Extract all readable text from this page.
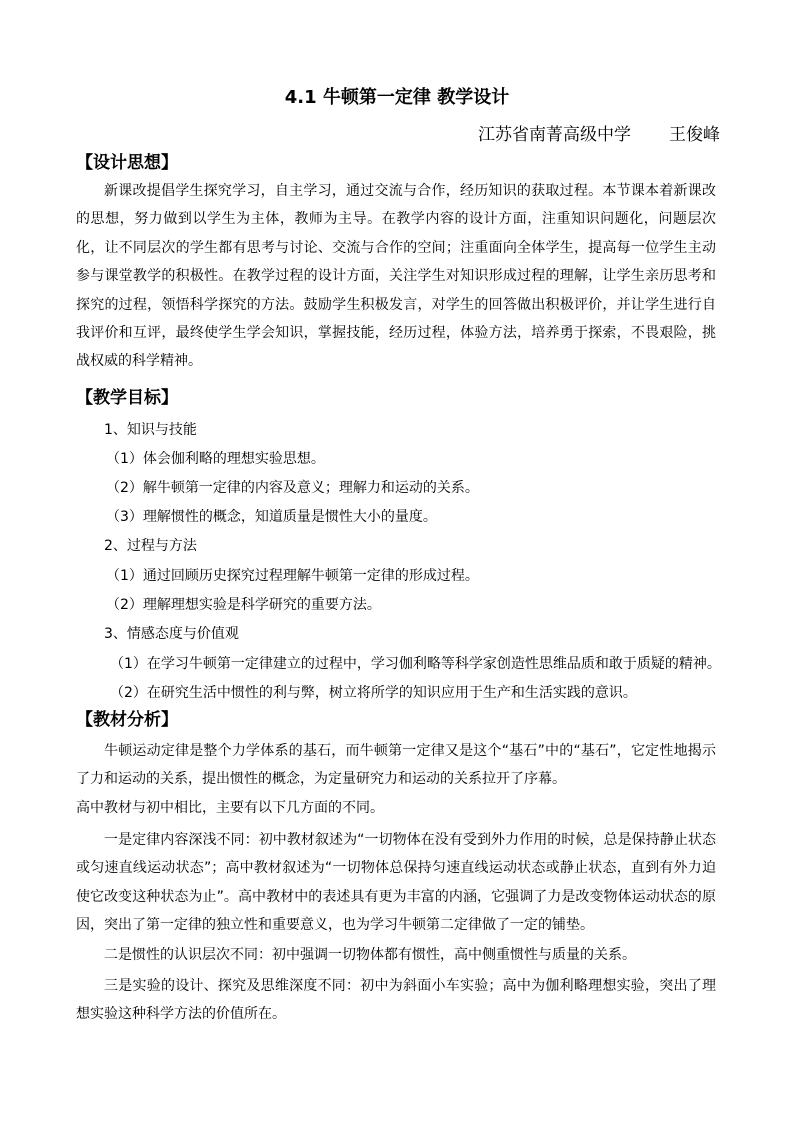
4.1 牛顿第一定律 教学设计
江苏省南菁高级中学 王俊峰
【设计思想】
新课改提倡学生探究学习，自主学习，通过交流与合作，经历知识的获取过程。本节课本着新课改的思想，努力做到以学生为主体，教师为主导。在教学内容的设计方面，注重知识问题化，问题层次化，让不同层次的学生都有思考与讨论、交流与合作的空间；注重面向全体学生，提高每一位学生主动参与课堂教学的积极性。在教学过程的设计方面，关注学生对知识形成过程的理解，让学生亲历思考和探究的过程，领悟科学探究的方法。鼓励学生积极发言，对学生的回答做出积极评价，并让学生进行自我评价和互评，最终使学生学会知识，掌握技能，经历过程，体验方法，培养勇于探索，不畏艰险，挑战权威的科学精神。
【教学目标】
1、知识与技能
（1）体会伽利略的理想实验思想。
（2）解牛顿第一定律的内容及意义；理解力和运动的关系。
（3）理解惯性的概念，知道质量是惯性大小的量度。
2、过程与方法
（1）通过回顾历史探究过程理解牛顿第一定律的形成过程。
（2）理解理想实验是科学研究的重要方法。
3、情感态度与价值观
（1）在学习牛顿第一定律建立的过程中，学习伽利略等科学家创造性思维品质和敢于质疑的精神。
（2）在研究生活中惯性的利与弊，树立将所学的知识应用于生产和生活实践的意识。
【教材分析】
牛顿运动定律是整个力学体系的基石，而牛顿第一定律又是这个“基石”中的“基石”，它定性地揭示了力和运动的关系，提出惯性的概念，为定量研究力和运动的关系拉开了序幕。
高中教材与初中相比，主要有以下几方面的不同。
一是定律内容深浅不同：初中教材叙述为“一切物体在没有受到外力作用的时候，总是保持静止状态或匀速直线运动状态”；高中教材叙述为“一切物体总保持匀速直线运动状态或静止状态，直到有外力迫使它改变这种状态为止”。高中教材中的表述具有更为丰富的内涵，它强调了力是改变物体运动状态的原因，突出了第一定律的独立性和重要意义，也为学习牛顿第二定律做了一定的铺垫。
二是惯性的认识层次不同：初中强调一切物体都有惯性，高中侧重惯性与质量的关系。
三是实验的设计、探究及思维深度不同：初中为斜面小车实验；高中为伽利略理想实验，突出了理想实验这种科学方法的价值所在。
